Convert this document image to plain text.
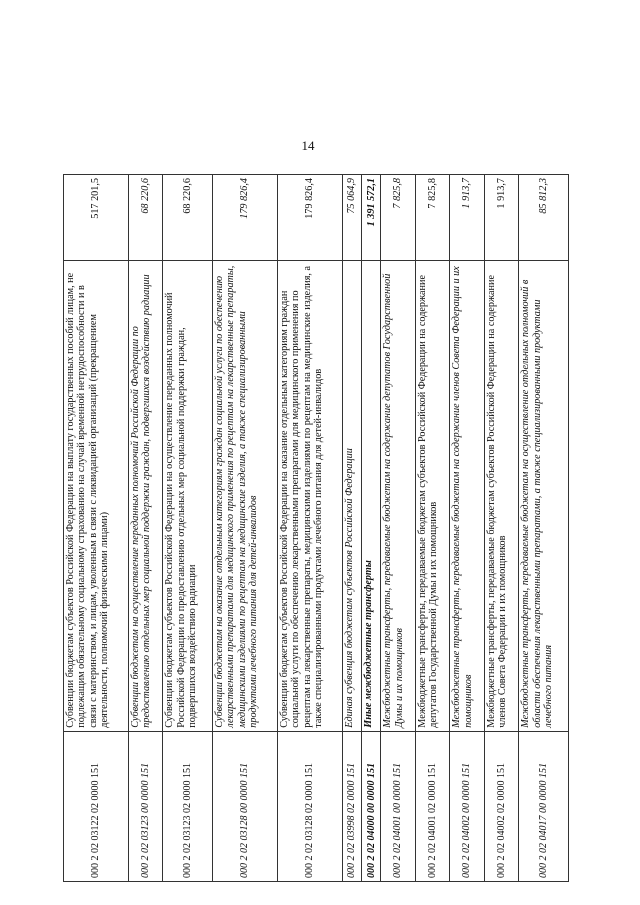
14
000 2 02 03122 02 0000 151	Субвенции бюджетам субъектов Российской Федерации на выплату государственных пособий лицам, не подлежащим обязательному социальному страхованию на случай временной нетрудоспособности и в связи с материнством, и лицам, уволенным в связи с ликвидацией организаций (прекращением деятельности, полномочий физическими лицами)	517 201,5
000 2 02 03123 00 0000 151	Субвенции бюджетам на осуществление переданных полномочий Российской Федерации по предоставлению отдельных мер социальной поддержки граждан, подвергшихся воздействию радиации	68 220,6
000 2 02 03123 02 0000 151	Субвенции бюджетам субъектов Российской Федерации на осуществление переданных полномочий Российской Федерации по предоставлению отдельных мер социальной поддержки граждан, подвергшихся воздействию радиации	68 220,6
000 2 02 03128 00 0000 151	Субвенции бюджетам на оказание отдельным категориям граждан социальной услуги по обеспечению лекарственными препаратами для медицинского применения по рецептам на лекарственные препараты, медицинскими изделиями по рецептам на медицинские изделия, а также специализированными продуктами лечебного питания для детей-инвалидов	179 826,4
000 2 02 03128 02 0000 151	Субвенции бюджетам субъектов Российской Федерации на оказание отдельным категориям граждан социальной услуги по обеспечению лекарственными препаратами для медицинского применения по рецептам на лекарственные препараты, медицинскими изделиями по рецептам на медицинские изделия, а также специализированными продуктами лечебного питания для детей-инвалидов	179 826,4
000 2 02 03998 02 0000 151	Единая субвенция бюджетам субъектов Российской Федерации	75 064,9
000 2 02 04000 00 0000 151	Иные межбюджетные трансферты	1 391 572,1
000 2 02 04001 00 0000 151	Межбюджетные трансферты, передаваемые бюджетам на содержание депутатов Государственной Думы и их помощников	7 825,8
000 2 02 04001 02 0000 151	Межбюджетные трансферты, передаваемые бюджетам субъектов Российской Федерации на содержание депутатов Государственной Думы и их помощников	7 825,8
000 2 02 04002 00 0000 151	Межбюджетные трансферты, передаваемые бюджетам на содержание членов Совета Федерации и их помощников	1 913,7
000 2 02 04002 02 0000 151	Межбюджетные трансферты, передаваемые бюджетам субъектов Российской Федерации на содержание членов Совета Федерации и их помощников	1 913,7
000 2 02 04017 00 0000 151	Межбюджетные трансферты, передаваемые бюджетам на осуществление отдельных полномочий в области обеспечения лекарственными препаратами, а также специализированными продуктами лечебного питания	85 812,3
